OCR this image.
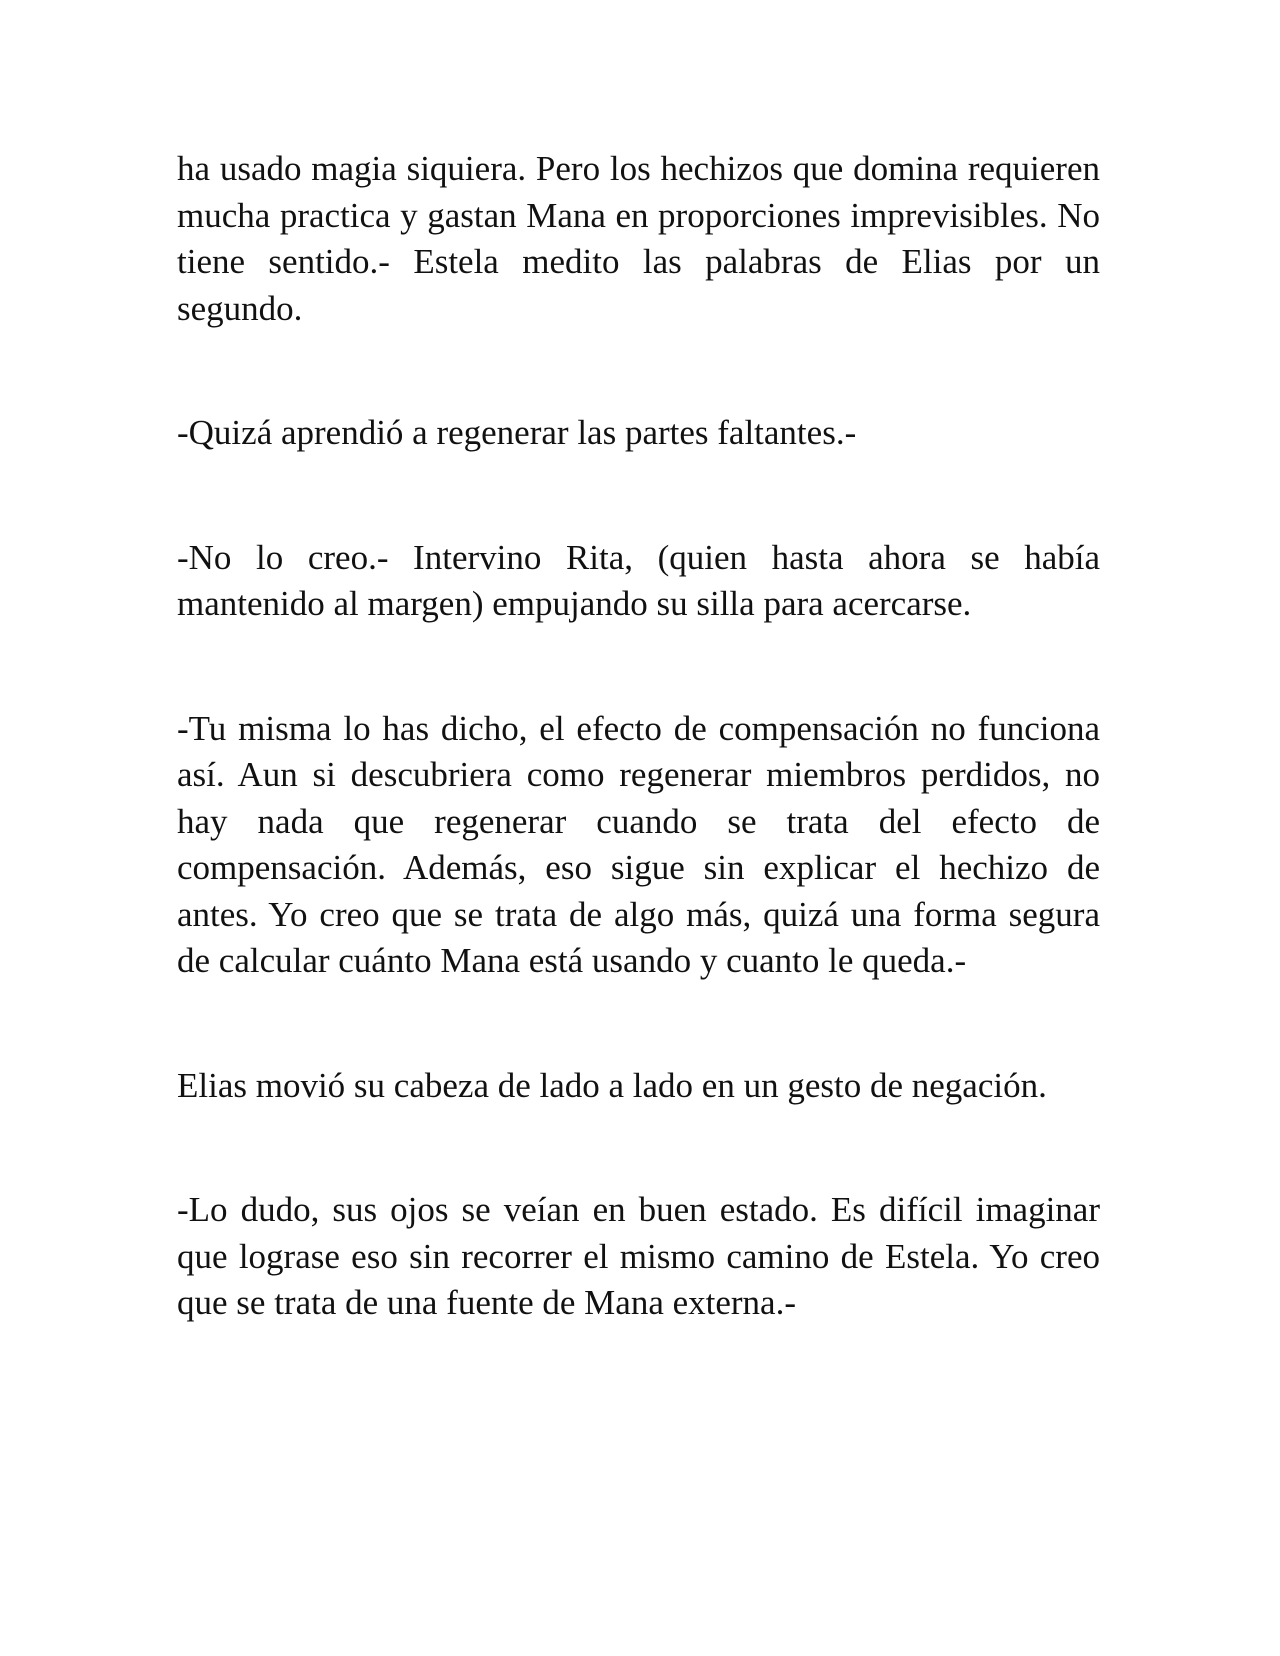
ha usado magia siquiera. Pero los hechizos que domina requieren mucha practica y gastan Mana en proporciones imprevisibles. No tiene sentido.- Estela medito las palabras de Elias por un segundo.

-Quizá aprendió a regenerar las partes faltantes.-

-No lo creo.- Intervino Rita, (quien hasta ahora se había mantenido al margen) empujando su silla para acercarse.

-Tu misma lo has dicho, el efecto de compensación no funciona así. Aun si descubriera como regenerar miembros perdidos, no hay nada que regenerar cuando se trata del efecto de compensación. Además, eso sigue sin explicar el hechizo de antes. Yo creo que se trata de algo más, quizá una forma segura de calcular cuánto Mana está usando y cuanto le queda.-

Elias movió su cabeza de lado a lado en un gesto de negación.

-Lo dudo, sus ojos se veían en buen estado. Es difícil imaginar que lograse eso sin recorrer el mismo camino de Estela. Yo creo que se trata de una fuente de Mana externa.-
